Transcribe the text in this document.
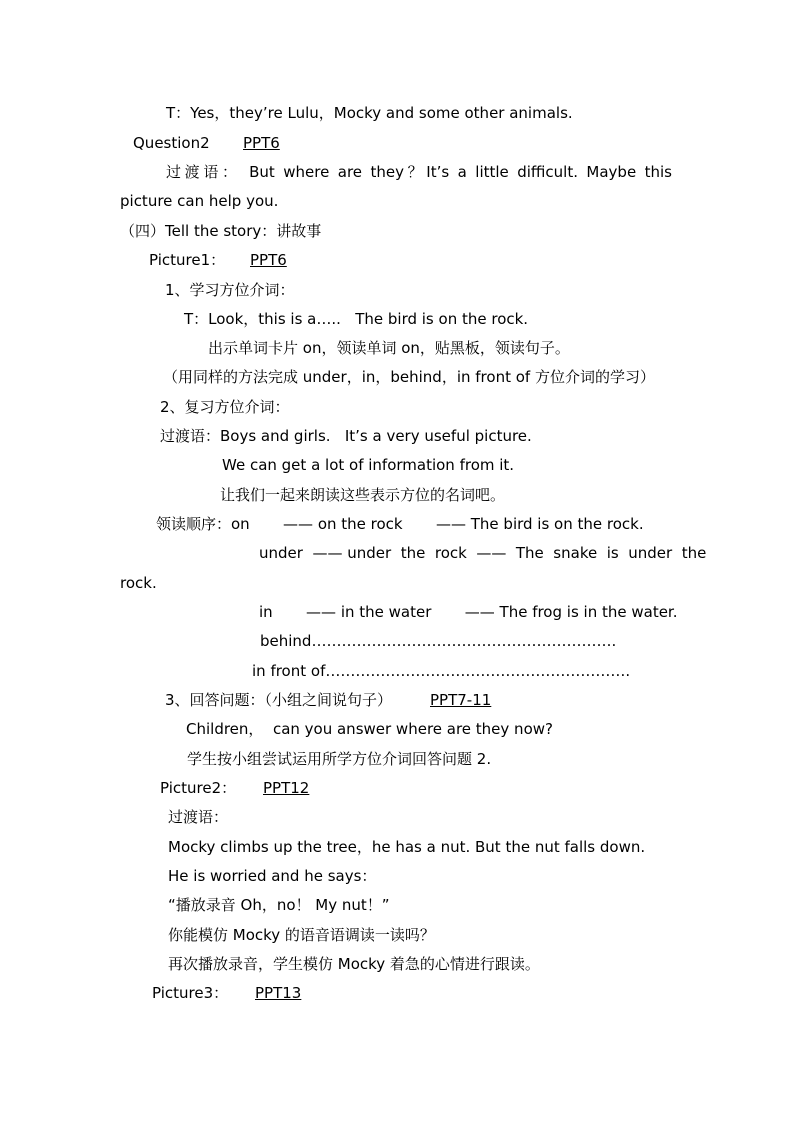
T：Yes，they’re Lulu，Mocky and some other animals.
Question2 PPT6
过渡语： But where are they？It’s a little difficult. Maybe this
picture can help you.
（四）Tell the story：讲故事
Picture1： PPT6
1、学习方位介词：
T：Look，this is a…..   The bird is on the rock.
出示单词卡片 on，领读单词 on，贴黑板，领读句子。
（用同样的方法完成 under，in，behind，in front of 方位介词的学习）
2、复习方位介词：
过渡语：Boys and girls.   It’s a very useful picture.
We can get a lot of information from it.
让我们一起来朗读这些表示方位的名词吧。
领读顺序：on       —— on the rock       —— The bird is on the rock.
under  —— under  the  rock  ——  The  snake  is  under  the
rock.
in       —— in the water       —— The frog is in the water.
behind…………………………………………………….
in front of…………………………………………………….
3、回答问题：（小组之间说句子）	PPT7-11
Children，  can you answer where are they now?
学生按小组尝试运用所学方位介词回答问题 2.
Picture2： PPT12
过渡语：
Mocky climbs up the tree，he has a nut. But the nut falls down.
He is worried and he says：
“播放录音 Oh，no！ My nut！”
你能模仿 Mocky 的语音语调读一读吗？
再次播放录音，学生模仿 Mocky 着急的心情进行跟读。
Picture3： PPT13
